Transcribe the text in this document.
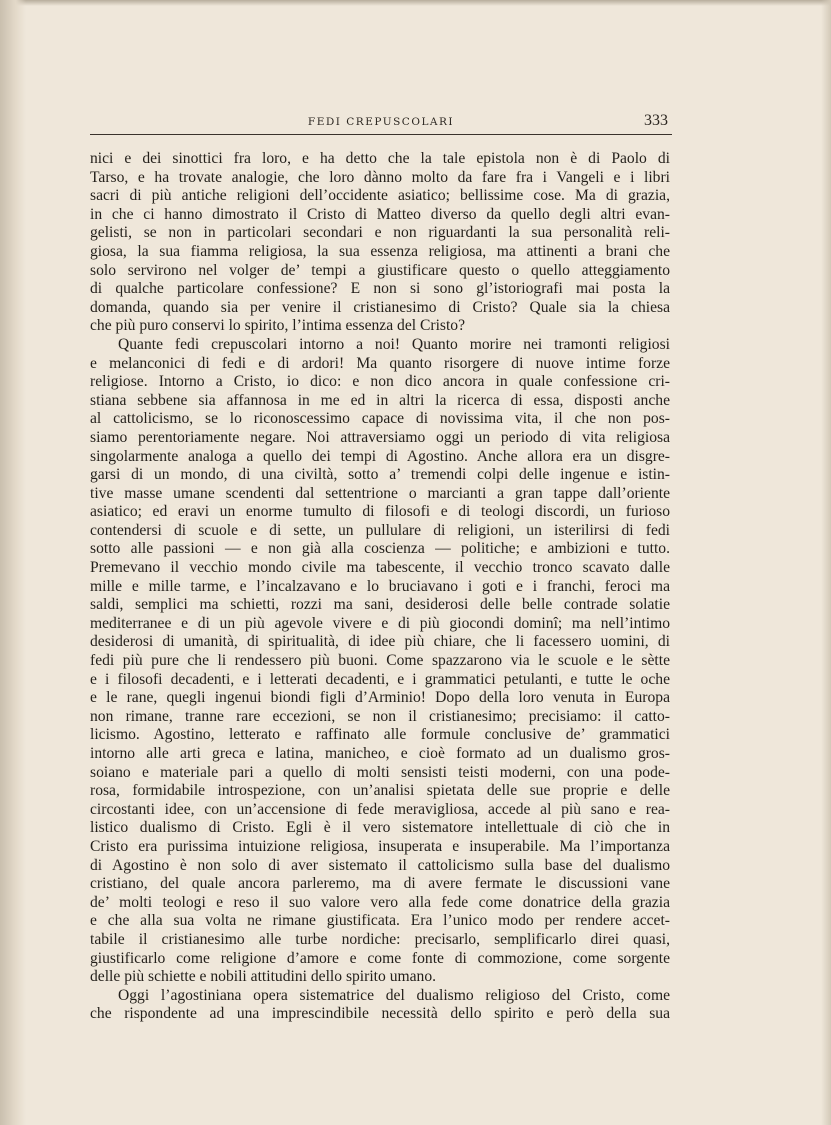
FEDI CREPUSCOLARI	333
nici e dei sinottici fra loro, e ha detto che la tale epistola non è di Paolo di
Tarso, e ha trovate analogie, che loro dànno molto da fare fra i Vangeli e i libri
sacri di più antiche religioni dell’occidente asiatico; bellissime cose. Ma di grazia,
in che ci hanno dimostrato il Cristo di Matteo diverso da quello degli altri evan-
gelisti, se non in particolari secondari e non riguardanti la sua personalità reli-
giosa, la sua fiamma religiosa, la sua essenza religiosa, ma attinenti a brani che
solo servirono nel volger de’ tempi a giustificare questo o quello atteggiamento
di qualche particolare confessione? E non si sono gl’istoriografi mai posta la
domanda, quando sia per venire il cristianesimo di Cristo? Quale sia la chiesa
che più puro conservi lo spirito, l’intima essenza del Cristo?
Quante fedi crepuscolari intorno a noi! Quanto morire nei tramonti religiosi
e melanconici di fedi e di ardori! Ma quanto risorgere di nuove intime forze
religiose. Intorno a Cristo, io dico: e non dico ancora in quale confessione cri-
stiana sebbene sia affannosa in me ed in altri la ricerca di essa, disposti anche
al cattolicismo, se lo riconoscessimo capace di novissima vita, il che non pos-
siamo perentoriamente negare. Noi attraversiamo oggi un periodo di vita religiosa
singolarmente analoga a quello dei tempi di Agostino. Anche allora era un disgre-
garsi di un mondo, di una civiltà, sotto a’ tremendi colpi delle ingenue e istin-
tive masse umane scendenti dal settentrione o marcianti a gran tappe dall’oriente
asiatico; ed eravi un enorme tumulto di filosofi e di teologi discordi, un furioso
contendersi di scuole e di sette, un pullulare di religioni, un isterilirsi di fedi
sotto alle passioni — e non già alla coscienza — politiche; e ambizioni e tutto.
Premevano il vecchio mondo civile ma tabescente, il vecchio tronco scavato dalle
mille e mille tarme, e l’incalzavano e lo bruciavano i goti e i franchi, feroci ma
saldi, semplici ma schietti, rozzi ma sani, desiderosi delle belle contrade solatie
mediterranee e di un più agevole vivere e di più giocondi dominî; ma nell’intimo
desiderosi di umanità, di spiritualità, di idee più chiare, che li facessero uomini, di
fedi più pure che li rendessero più buoni. Come spazzarono via le scuole e le sètte
e i filosofi decadenti, e i letterati decadenti, e i grammatici petulanti, e tutte le oche
e le rane, quegli ingenui biondi figli d’Arminio! Dopo della loro venuta in Europa
non rimane, tranne rare eccezioni, se non il cristianesimo; precisiamo: il catto-
licismo. Agostino, letterato e raffinato alle formule conclusive de’ grammatici
intorno alle arti greca e latina, manicheo, e cioè formato ad un dualismo gros-
soiano e materiale pari a quello di molti sensisti teisti moderni, con una pode-
rosa, formidabile introspezione, con un’analisi spietata delle sue proprie e delle
circostanti idee, con un’accensione di fede meravigliosa, accede al più sano e rea-
listico dualismo di Cristo. Egli è il vero sistematore intellettuale di ciò che in
Cristo era purissima intuizione religiosa, insuperata e insuperabile. Ma l’importanza
di Agostino è non solo di aver sistemato il cattolicismo sulla base del dualismo
cristiano, del quale ancora parleremo, ma di avere fermate le discussioni vane
de’ molti teologi e reso il suo valore vero alla fede come donatrice della grazia
e che alla sua volta ne rimane giustificata. Era l’unico modo per rendere accet-
tabile il cristianesimo alle turbe nordiche: precisarlo, semplificarlo direi quasi,
giustificarlo come religione d’amore e come fonte di commozione, come sorgente
delle più schiette e nobili attitudini dello spirito umano.
Oggi l’agostiniana opera sistematrice del dualismo religioso del Cristo, come
che rispondente ad una imprescindibile necessità dello spirito e però della sua
